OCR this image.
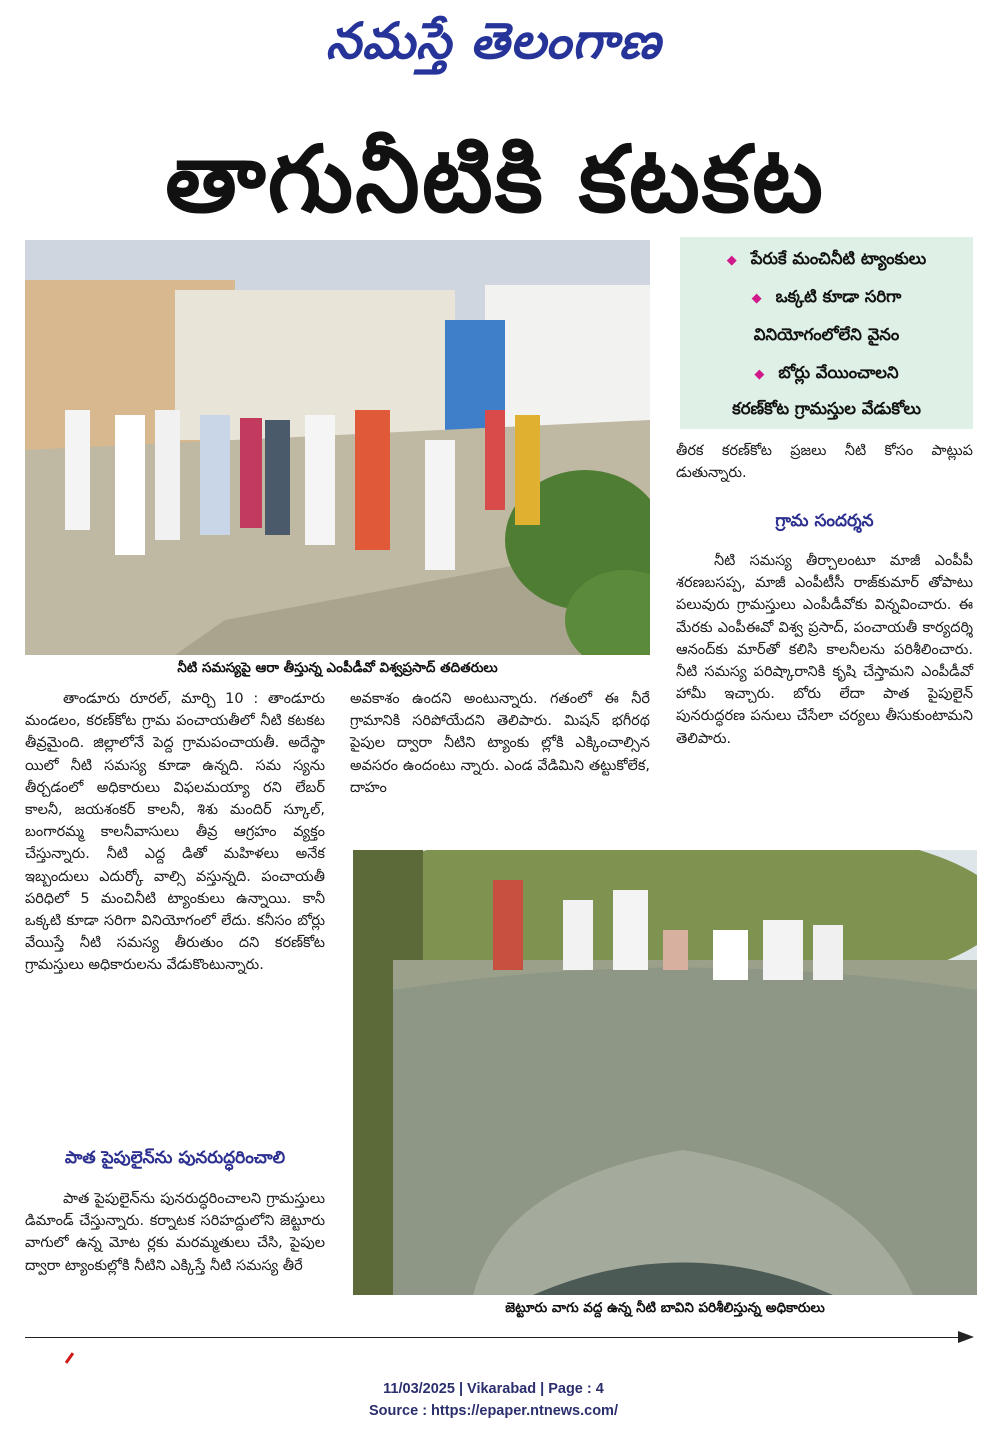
నమస్తే తెలంగాణ
తాగునీటికి కటకట
నీటి సమస్యపై ఆరా తీస్తున్న ఎంపీడీవో విశ్వప్రసాద్‌ తదితరులు
◆ పేరుకే మంచినీటి ట్యాంకులు
◆ ఒక్కటి కూడా సరిగా
వినియోగంలోలేని వైనం
◆ బోర్లు వేయించాలని
కరణ్‌కోట గ్రామస్తుల వేడుకోలు
తీరక కరణ్‌కోట ప్రజలు నీటి కోసం పాట్లుప డుతున్నారు.
గ్రామ సందర్శన

నీటి సమస్య తీర్చాలంటూ మాజీ ఎంపీపీ శరణబసప్ప, మాజీ ఎంపీటీసీ రాజ్‌కుమార్‌ తోపాటు పలువురు గ్రామస్తులు ఎంపీడీవోకు విన్నవించారు. ఈ మేరకు ఎంపీఈవో విశ్వ ప్రసాద్‌, పంచాయతీ కార్యదర్శి ఆనంద్‌కు మార్‌తో కలిసి కాలనీలను పరిశీలించారు. నీటి సమస్య పరిష్కారానికి కృషి చేస్తామని ఎంపీడీవో హామీ ఇచ్చారు. బోరు లేదా పాత పైపులైన్‌ పునరుద్ధరణ పనులు చేసేలా చర్యలు తీసుకుంటామని తెలిపారు.

తాండూరు రూరల్‌, మార్చి 10 : తాండూరు మండలం, కరణ్‌కోట గ్రామ పంచాయతీలో నీటి కటకట తీవ్రమైంది. జిల్లాలోనే పెద్ద గ్రామపంచాయతీ. అదేస్థా యిలో నీటి సమస్య కూడా ఉన్నది. సమ స్యను తీర్చడంలో అధికారులు విఫలమయ్యా రని లేబర్‌ కాలనీ, జయశంకర్‌ కాలనీ, శిశు మందిర్‌ స్కూల్‌, బంగారమ్మ కాలనీవాసులు తీవ్ర ఆగ్రహం వ్యక్తం చేస్తున్నారు. నీటి ఎద్ద డితో మహిళలు అనేక ఇబ్బందులు ఎదుర్కో వాల్సి వస్తున్నది. పంచాయతీ పరిధిలో 5 మంచినీటి ట్యాంకులు ఉన్నాయి. కానీ ఒక్కటి కూడా సరిగా వినియోగంలో లేదు. కనీసం బోర్లు వేయిస్తే నీటి సమస్య తీరుతుం దని కరణ్‌కోట గ్రామస్తులు అధికారులను వేడుకొంటున్నారు.

పాత పైపులైన్‌ను పునరుద్ధరించాలి

పాత పైపులైన్‌ను పునరుద్ధరించాలని గ్రామస్తులు డిమాండ్‌ చేస్తున్నారు. కర్నాటక సరిహద్దులోని జెట్టూరు వాగులో ఉన్న మోట ర్లకు మరమ్మతులు చేసి, పైపుల ద్వారా ట్యాంకుల్లోకి నీటిని ఎక్కిస్తే నీటి సమస్య తీరే

అవకాశం ఉందని అంటున్నారు. గతంలో ఈ నీరే గ్రామానికి సరిపోయేదని తెలిపారు. మిషన్‌ భగీరథ పైపుల ద్వారా నీటిని ట్యాంకు ల్లోకి ఎక్కించాల్సిన అవసరం ఉందంటు న్నారు. ఎండ వేడిమిని తట్టుకోలేక, దాహం

జెట్టూరు వాగు వద్ద ఉన్న నీటి బావిని పరిశీలిస్తున్న అధికారులు
11/03/2025 | Vikarabad | Page : 4
Source : https://epaper.ntnews.com/
